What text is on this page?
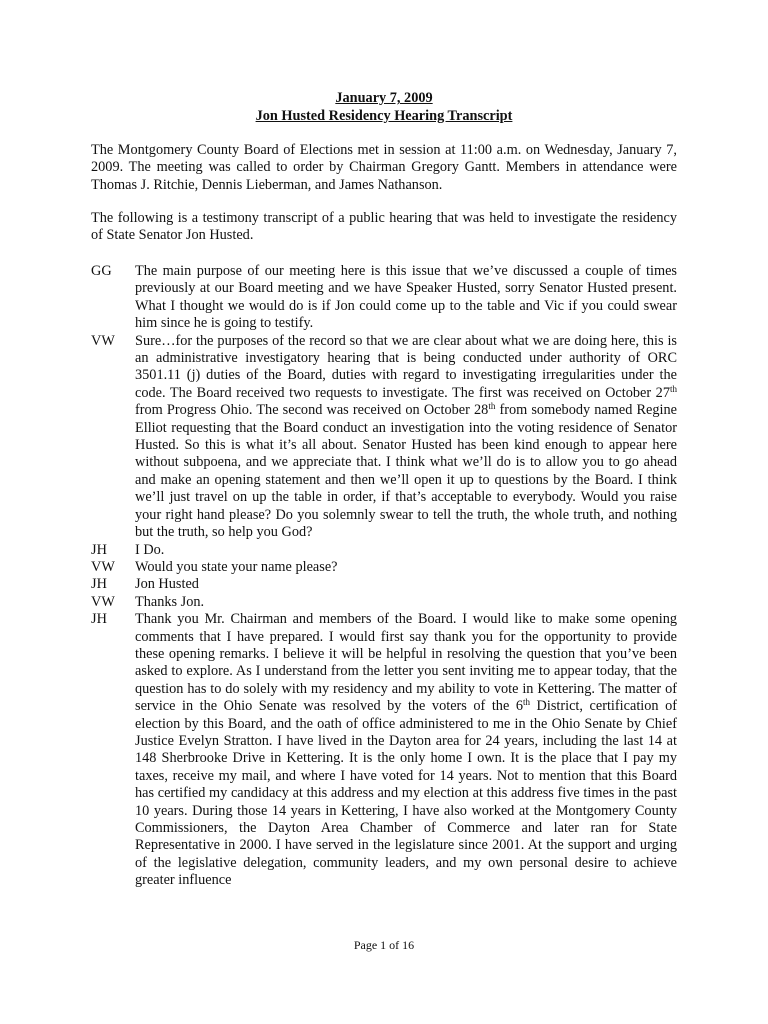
January 7, 2009
Jon Husted Residency Hearing Transcript

The Montgomery County Board of Elections met in session at 11:00 a.m. on Wednesday, January 7, 2009. The meeting was called to order by Chairman Gregory Gantt. Members in attendance were Thomas J. Ritchie, Dennis Lieberman, and James Nathanson.

The following is a testimony transcript of a public hearing that was held to investigate the residency of State Senator Jon Husted.

GG	The main purpose of our meeting here is this issue that we’ve discussed a couple of times previously at our Board meeting and we have Speaker Husted, sorry Senator Husted present. What I thought we would do is if Jon could come up to the table and Vic if you could swear him since he is going to testify.
VW	Sure…for the purposes of the record so that we are clear about what we are doing here, this is an administrative investigatory hearing that is being conducted under authority of ORC 3501.11 (j) duties of the Board, duties with regard to investigating irregularities under the code. The Board received two requests to investigate. The first was received on October 27th from Progress Ohio. The second was received on October 28th from somebody named Regine Elliot requesting that the Board conduct an investigation into the voting residence of Senator Husted. So this is what it’s all about. Senator Husted has been kind enough to appear here without subpoena, and we appreciate that. I think what we’ll do is to allow you to go ahead and make an opening statement and then we’ll open it up to questions by the Board. I think we’ll just travel on up the table in order, if that’s acceptable to everybody. Would you raise your right hand please? Do you solemnly swear to tell the truth, the whole truth, and nothing but the truth, so help you God?
JH	I Do.
VW	Would you state your name please?
JH	Jon Husted
VW	Thanks Jon.
JH	Thank you Mr. Chairman and members of the Board. I would like to make some opening comments that I have prepared. I would first say thank you for the opportunity to provide these opening remarks. I believe it will be helpful in resolving the question that you’ve been asked to explore. As I understand from the letter you sent inviting me to appear today, that the question has to do solely with my residency and my ability to vote in Kettering. The matter of service in the Ohio Senate was resolved by the voters of the 6th District, certification of election by this Board, and the oath of office administered to me in the Ohio Senate by Chief Justice Evelyn Stratton. I have lived in the Dayton area for 24 years, including the last 14 at 148 Sherbrooke Drive in Kettering. It is the only home I own. It is the place that I pay my taxes, receive my mail, and where I have voted for 14 years. Not to mention that this Board has certified my candidacy at this address and my election at this address five times in the past 10 years. During those 14 years in Kettering, I have also worked at the Montgomery County Commissioners, the Dayton Area Chamber of Commerce and later ran for State Representative in 2000. I have served in the legislature since 2001. At the support and urging of the legislative delegation, community leaders, and my own personal desire to achieve greater influence
Page 1 of 16
